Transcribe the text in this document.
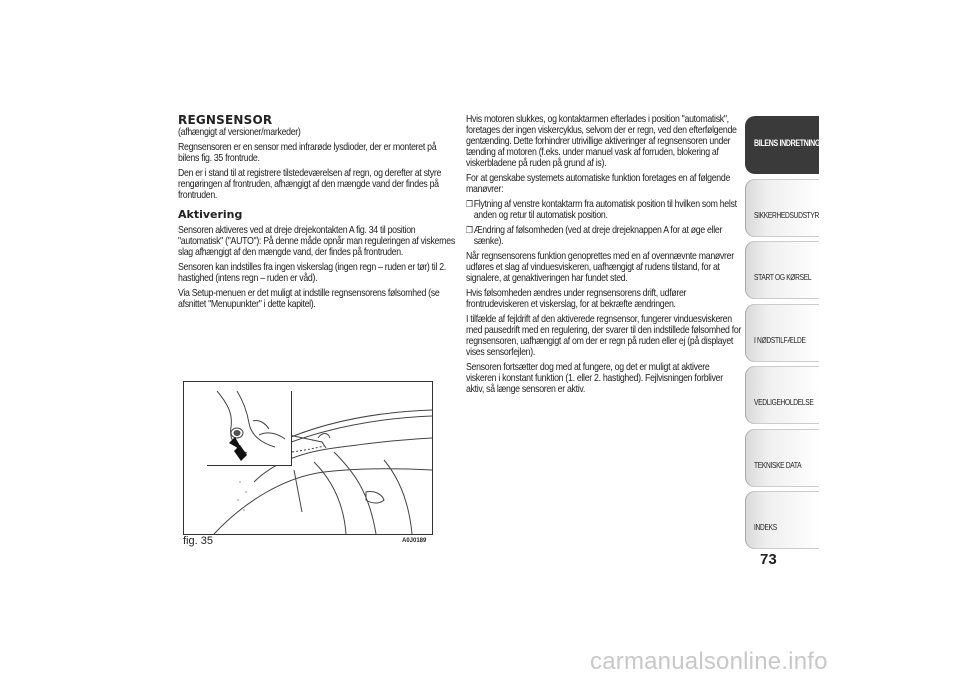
REGNSENSOR

(afhængigt af versioner/markeder)

Regnsensoren er en sensor med infrarøde lysdioder, der er monteret på bilens fig. 35 frontrude.

Den er i stand til at registrere tilstedeværelsen af regn, og derefter at styre rengøringen af frontruden, afhængigt af den mængde vand der findes på frontruden.

Aktivering

Sensoren aktiveres ved at dreje drejekontakten A fig. 34 til position "automatisk" ("AUTO"): På denne måde opnår man reguleringen af viskernes slag afhængigt af den mængde vand, der findes på frontruden.

Sensoren kan indstilles fra ingen viskerslag (ingen regn – ruden er tør) til 2. hastighed (intens regn – ruden er våd).

Via Setup-menuen er det muligt at indstille regnsensorens følsomhed (se afsnittet "Menupunkter" i dette kapitel).

fig. 35	A0J0189

Hvis motoren slukkes, og kontaktarmen efterlades i position "automatisk", foretages der ingen viskercyklus, selvom der er regn, ved den efterfølgende gentænding. Dette forhindrer utrivillige aktiveringer af regnsensoren under tænding af motoren (f.eks. under manuel vask af forruden, blokering af viskerbladene på ruden på grund af is).

For at genskabe systemets automatiske funktion foretages en af følgende manøvrer:

❒ Flytning af venstre kontaktarm fra automatisk position til hvilken som helst anden og retur til automatisk position.
❒ Ændring af følsomheden (ved at dreje drejeknappen A for at øge eller sænke).

Når regnsensorens funktion genoprettes med en af ovennævnte manøvrer udføres et slag af vinduesviskeren, uafhængigt af rudens tilstand, for at signalere, at genaktiveringen har fundet sted.

Hvis følsomheden ændres under regnsensorens drift, udfører frontrudeviskeren et viskerslag, for at bekræfte ændringen.

I tilfælde af fejldrift af den aktiverede regnsensor, fungerer vinduesviskeren med pausedrift med en regulering, der svarer til den indstillede følsomhed for regnsensoren, uafhængigt af om der er regn på ruden eller ej (på displayet vises sensorfejlen).

Sensoren fortsætter dog med at fungere, og det er muligt at aktivere viskeren i konstant funktion (1. eller 2. hastighed). Fejlvisningen forbliver aktiv, så længe sensoren er aktiv.

BILENS INDRETNING
SIKKERHEDSUDSTYR
START OG KØRSEL
I NØDSTILFÆLDE
VEDLIGEHOLDELSE
TEKNISKE DATA
INDEKS
73
carmanualsonline.info
